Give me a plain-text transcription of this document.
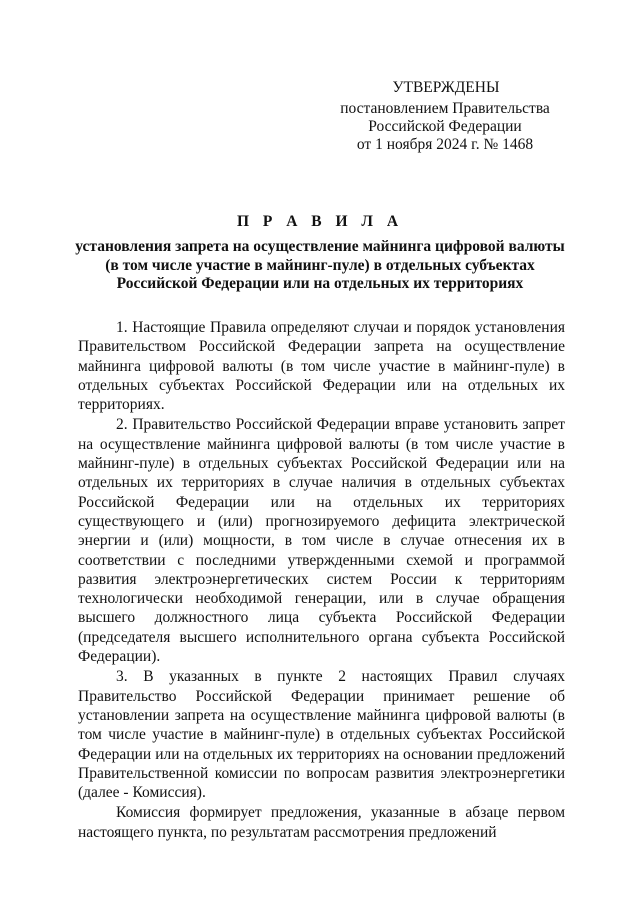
УТВЕРЖДЕНЫ
постановлением Правительства
Российской Федерации
от 1 ноября 2024 г. № 1468
П Р А В И Л А
установления запрета на осуществление майнинга цифровой валюты
(в том числе участие в майнинг-пуле) в отдельных субъектах
Российской Федерации или на отдельных их территориях

1. Настоящие Правила определяют случаи и порядок установления Правительством Российской Федерации запрета на осуществление майнинга цифровой валюты (в том числе участие в майнинг-пуле) в отдельных субъектах Российской Федерации или на отдельных их территориях.

2. Правительство Российской Федерации вправе установить запрет на осуществление майнинга цифровой валюты (в том числе участие в майнинг-пуле) в отдельных субъектах Российской Федерации или на отдельных их территориях в случае наличия в отдельных субъектах Российской Федерации или на отдельных их территориях существующего и (или) прогнозируемого дефицита электрической энергии и (или) мощности, в том числе в случае отнесения их в соответствии с последними утвержденными схемой и программой развития электроэнергетических систем России к территориям технологически необходимой генерации, или в случае обращения высшего должностного лица субъекта Российской Федерации (председателя высшего исполнительного органа субъекта Российской Федерации).

3. В указанных в пункте 2 настоящих Правил случаях Правительство Российской Федерации принимает решение об установлении запрета на осуществление майнинга цифровой валюты (в том числе участие в майнинг-пуле) в отдельных субъектах Российской Федерации или на отдельных их территориях на основании предложений Правительственной комиссии по вопросам развития электроэнергетики (далее - Комиссия).

Комиссия формирует предложения, указанные в абзаце первом настоящего пункта, по результатам рассмотрения предложений
